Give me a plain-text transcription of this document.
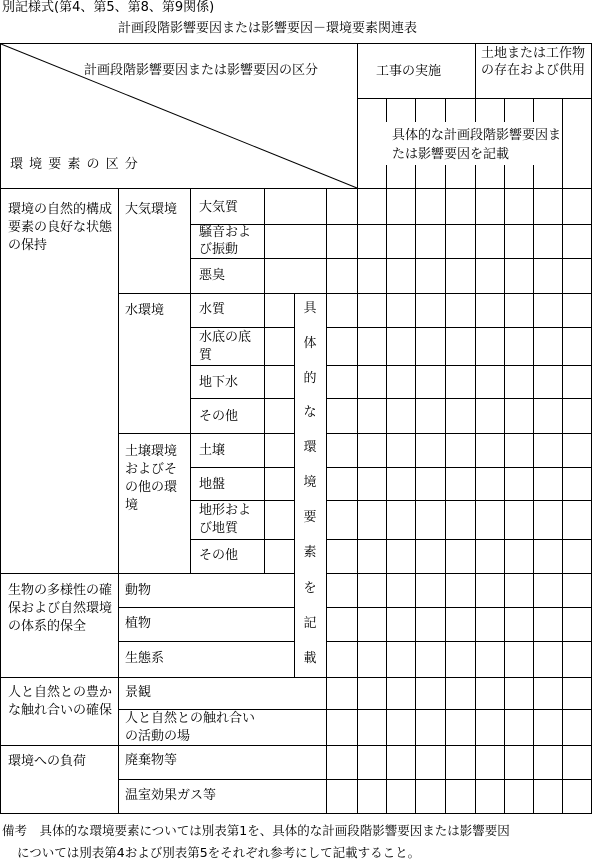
別記様式(第4、第5、第8、第9関係)
計画段階影響要因または影響要因－環境要素関連表
計画段階影響要因または影響要因の区分
環 境 要 素 の 区 分
工事の実施
土地または工作物の存在および供用
具体的な計画段階影響要因または影響要因を記載
環境の自然的構成要素の良好な状態の保持
生物の多様性の確保および自然環境の体系的保全
人と自然との豊かな触れ合いの確保
環境への負荷
大気環境
水環境
土壌環境およびその他の環境
動物
植物
生態系
景観
人と自然との触れ合いの活動の場
廃棄物等
温室効果ガス等
大気質
騒音および振動
悪臭
水質
水底の底質
地下水
その他
土壌
地盤
地形および地質
その他
具
体
的
な
環
境
要
素
を
記
載
備考　具体的な環境要素については別表第1を、具体的な計画段階影響要因または影響要因
については別表第4および別表第5をそれぞれ参考にして記載すること。
